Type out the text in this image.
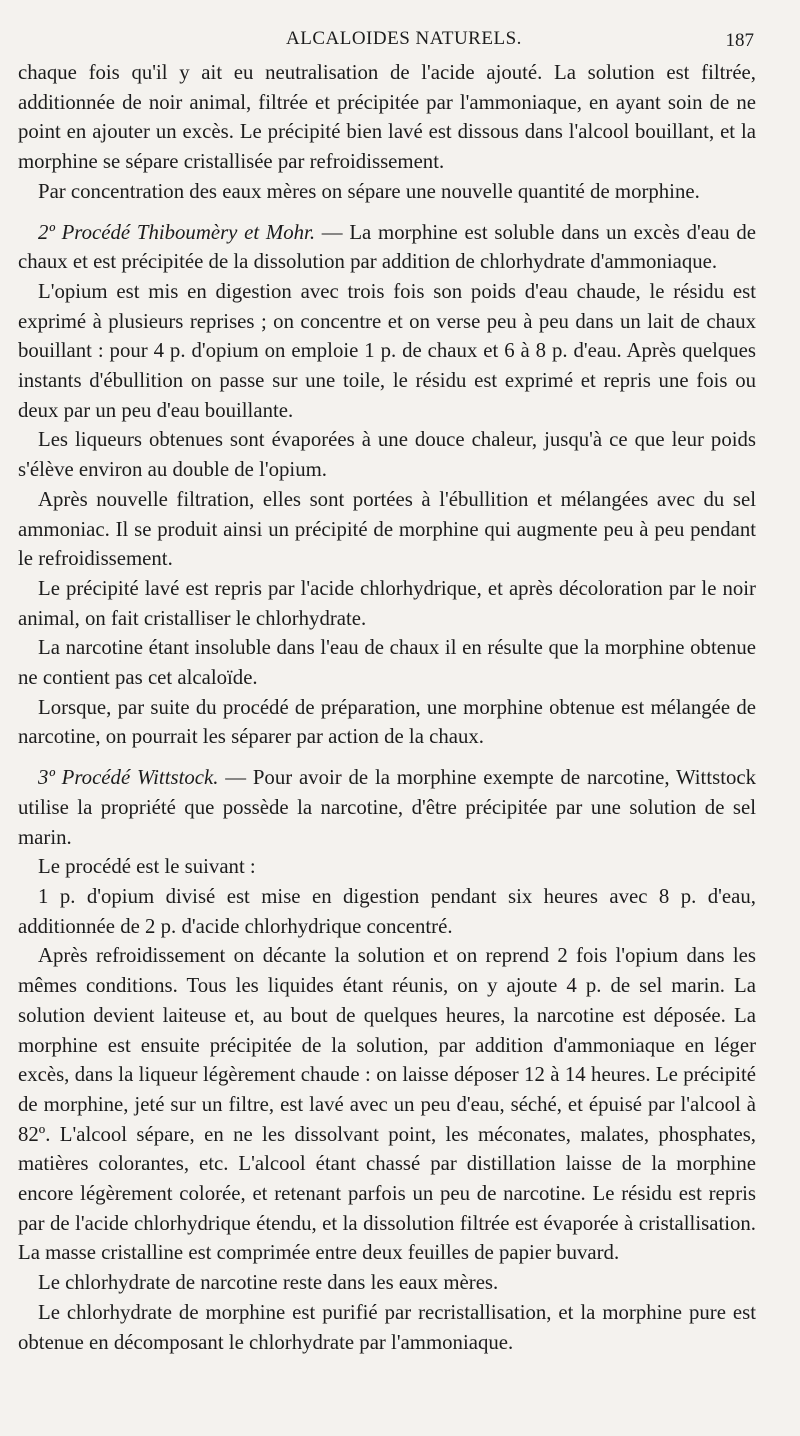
ALCALOIDES NATURELS.	187

chaque fois qu'il y ait eu neutralisation de l'acide ajouté. La solution est filtrée, additionnée de noir animal, filtrée et précipitée par l'ammoniaque, en ayant soin de ne point en ajouter un excès. Le précipité bien lavé est dissous dans l'alcool bouillant, et la morphine se sépare cristallisée par refroidissement.

Par concentration des eaux mères on sépare une nouvelle quantité de morphine.

2º Procédé Thiboumèry et Mohr. — La morphine est soluble dans un excès d'eau de chaux et est précipitée de la dissolution par addition de chlorhydrate d'ammoniaque.

L'opium est mis en digestion avec trois fois son poids d'eau chaude, le résidu est exprimé à plusieurs reprises ; on concentre et on verse peu à peu dans un lait de chaux bouillant : pour 4 p. d'opium on emploie 1 p. de chaux et 6 à 8 p. d'eau. Après quelques instants d'ébullition on passe sur une toile, le résidu est exprimé et repris une fois ou deux par un peu d'eau bouillante.

Les liqueurs obtenues sont évaporées à une douce chaleur, jusqu'à ce que leur poids s'élève environ au double de l'opium.

Après nouvelle filtration, elles sont portées à l'ébullition et mélangées avec du sel ammoniac. Il se produit ainsi un précipité de morphine qui augmente peu à peu pendant le refroidissement.

Le précipité lavé est repris par l'acide chlorhydrique, et après décoloration par le noir animal, on fait cristalliser le chlorhydrate.

La narcotine étant insoluble dans l'eau de chaux il en résulte que la morphine obtenue ne contient pas cet alcaloïde.

Lorsque, par suite du procédé de préparation, une morphine obtenue est mélangée de narcotine, on pourrait les séparer par action de la chaux.

3º Procédé Wittstock. — Pour avoir de la morphine exempte de narcotine, Wittstock utilise la propriété que possède la narcotine, d'être précipitée par une solution de sel marin.

Le procédé est le suivant :

1 p. d'opium divisé est mise en digestion pendant six heures avec 8 p. d'eau, additionnée de 2 p. d'acide chlorhydrique concentré.

Après refroidissement on décante la solution et on reprend 2 fois l'opium dans les mêmes conditions. Tous les liquides étant réunis, on y ajoute 4 p. de sel marin. La solution devient laiteuse et, au bout de quelques heures, la narcotine est déposée. La morphine est ensuite précipitée de la solution, par addition d'ammoniaque en léger excès, dans la liqueur légèrement chaude : on laisse déposer 12 à 14 heures. Le précipité de morphine, jeté sur un filtre, est lavé avec un peu d'eau, séché, et épuisé par l'alcool à 82º. L'alcool sépare, en ne les dissolvant point, les méconates, malates, phosphates, matières colorantes, etc. L'alcool étant chassé par distillation laisse de la morphine encore légèrement colorée, et retenant parfois un peu de narcotine. Le résidu est repris par de l'acide chlorhydrique étendu, et la dissolution filtrée est évaporée à cristallisation. La masse cristalline est comprimée entre deux feuilles de papier buvard.

Le chlorhydrate de narcotine reste dans les eaux mères.

Le chlorhydrate de morphine est purifié par recristallisation, et la morphine pure est obtenue en décomposant le chlorhydrate par l'ammoniaque.
